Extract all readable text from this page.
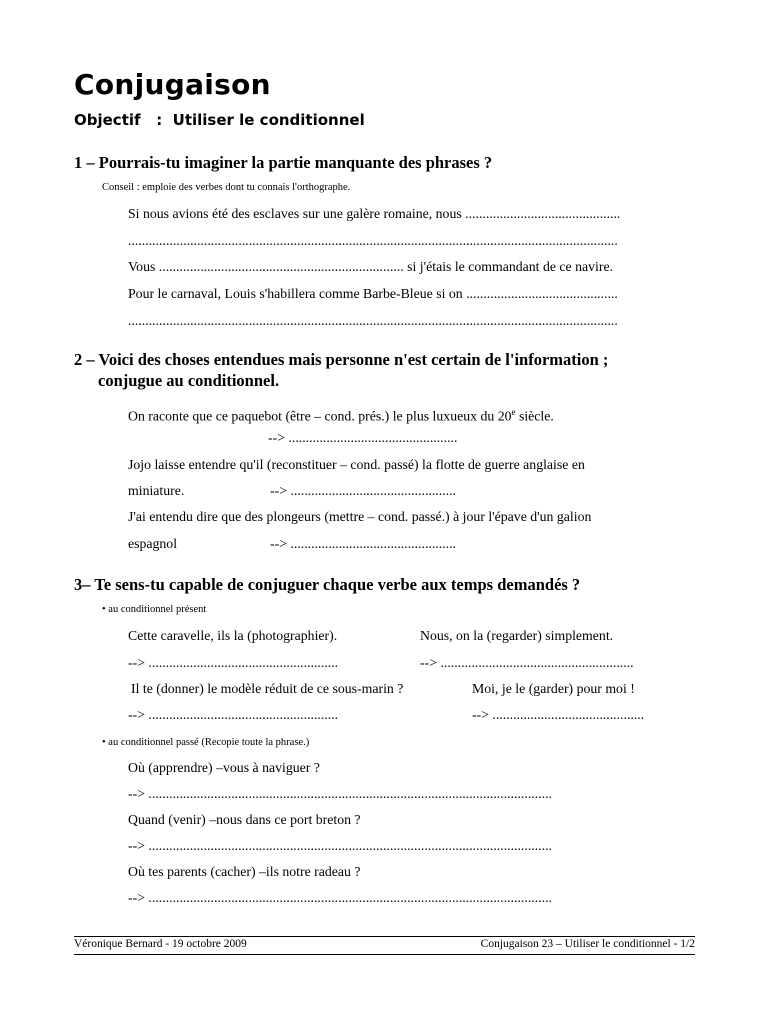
Conjugaison
Objectif   :  Utiliser le conditionnel
1 – Pourrais-tu imaginer la partie manquante des phrases ?
Conseil : emploie des verbes dont tu connais l'orthographe.
Si nous avions été des esclaves sur une galère romaine, nous .............................................
..............................................................................................................................................
Vous ....................................................................... si j'étais le commandant de ce navire.
Pour le carnaval, Louis s'habillera comme Barbe-Bleue si on ............................................
..............................................................................................................................................
2 – Voici des choses entendues mais personne n'est certain de l'information ;
conjugue au conditionnel.
On raconte que ce paquebot (être – cond. prés.) le plus luxueux du 20e siècle.
--> .................................................
Jojo laisse entendre qu'il (reconstituer – cond. passé) la flotte de guerre anglaise en
miniature.	--> ................................................
J'ai entendu dire que des plongeurs (mettre – cond. passé.) à jour l'épave d'un galion
espagnol	--> ................................................
3– Te sens-tu capable de conjuguer chaque verbe aux temps demandés ?
• au conditionnel présent
Cette caravelle, ils la (photographier).	Nous, on la (regarder) simplement.
--> .......................................................	--> ........................................................
Il te (donner) le modèle réduit de ce sous-marin ?	Moi, je le (garder) pour moi !
--> .......................................................	--> ............................................
• au conditionnel passé (Recopie toute la phrase.)
Où (apprendre) –vous à naviguer ?
--> .....................................................................................................................
Quand (venir) –nous dans ce port breton ?
--> .....................................................................................................................
Où tes parents (cacher) –ils notre radeau ?
--> .....................................................................................................................
Véronique Bernard - 19 octobre 2009	Conjugaison 23 – Utiliser le conditionnel - 1/2
